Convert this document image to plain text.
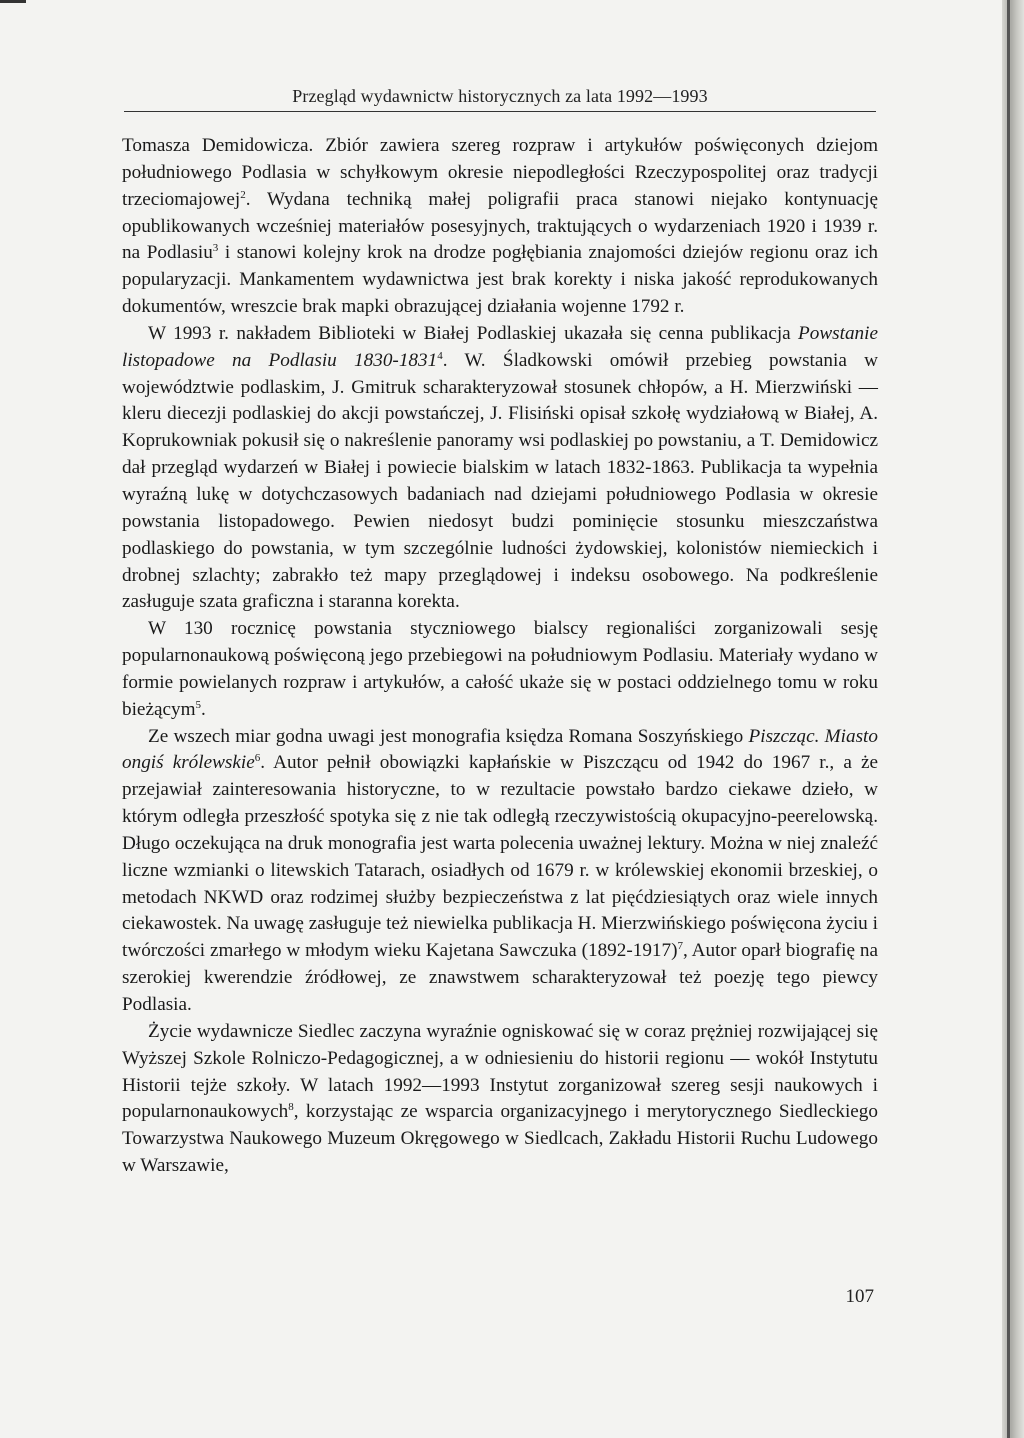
Przegląd wydawnictw historycznych za lata 1992—1993

Tomasza Demidowicza. Zbiór zawiera szereg rozpraw i artykułów poświęconych dziejom południowego Podlasia w schyłkowym okresie niepodległości Rzeczypospolitej oraz tradycji trzeciomajowej$^2$. Wydana techniką małej poligrafii praca stanowi niejako kontynuację opublikowanych wcześniej materiałów posesyjnych, traktujących o wydarzeniach 1920 i 1939 r. na Podlasiu$^3$ i stanowi kolejny krok na drodze pogłębiania znajomości dziejów regionu oraz ich popularyzacji. Mankamentem wydawnictwa jest brak korekty i niska jakość reprodukowanych dokumentów, wreszcie brak mapki obrazującej działania wojenne 1792 r.

W 1993 r. nakładem Biblioteki w Białej Podlaskiej ukazała się cenna publikacja Powstanie listopadowe na Podlasiu 1830-1831$^4$. W. Śladkowski omówił przebieg powstania w województwie podlaskim, J. Gmitruk scharakteryzował stosunek chłopów, a H. Mierzwiński — kleru diecezji podlaskiej do akcji powstańczej, J. Flisiński opisał szkołę wydziałową w Białej, A. Koprukowniak pokusił się o nakreślenie panoramy wsi podlaskiej po powstaniu, a T. Demidowicz dał przegląd wydarzeń w Białej i powiecie bialskim w latach 1832-1863. Publikacja ta wypełnia wyraźną lukę w dotychczasowych badaniach nad dziejami południowego Podlasia w okresie powstania listopadowego. Pewien niedosyt budzi pominięcie stosunku mieszczaństwa podlaskiego do powstania, w tym szczególnie ludności żydowskiej, kolonistów niemieckich i drobnej szlachty; zabrakło też mapy przeglądowej i indeksu osobowego. Na podkreślenie zasługuje szata graficzna i staranna korekta.

W 130 rocznicę powstania styczniowego bialscy regionaliści zorganizowali sesję popularnonaukową poświęconą jego przebiegowi na południowym Podlasiu. Materiały wydano w formie powielanych rozpraw i artykułów, a całość ukaże się w postaci oddzielnego tomu w roku bieżącym$^5$.

Ze wszech miar godna uwagi jest monografia księdza Romana Soszyńskiego Piszcząc. Miasto ongiś królewskie$^6$. Autor pełnił obowiązki kapłańskie w Piszczącu od 1942 do 1967 r., a że przejawiał zainteresowania historyczne, to w rezultacie powstało bardzo ciekawe dzieło, w którym odległa przeszłość spotyka się z nie tak odległą rzeczywistością okupacyjno-peerelowską. Długo oczekująca na druk monografia jest warta polecenia uważnej lektury. Można w niej znaleźć liczne wzmianki o litewskich Tatarach, osiadłych od 1679 r. w królewskiej ekonomii brzeskiej, o metodach NKWD oraz rodzimej służby bezpieczeństwa z lat pięćdziesiątych oraz wiele innych ciekawostek. Na uwagę zasługuje też niewielka publikacja H. Mierzwińskiego poświęcona życiu i twórczości zmarłego w młodym wieku Kajetana Sawczuka (1892-1917)$^7$, Autor oparł biografię na szerokiej kwerendzie źródłowej, ze znawstwem scharakteryzował też poezję tego piewcy Podlasia.

Życie wydawnicze Siedlec zaczyna wyraźnie ogniskować się w coraz prężniej rozwijającej się Wyższej Szkole Rolniczo-Pedagogicznej, a w odniesieniu do historii regionu — wokół Instytutu Historii tejże szkoły. W latach 1992—1993 Instytut zorganizował szereg sesji naukowych i popularnonaukowych$^8$, korzystając ze wsparcia organizacyjnego i merytorycznego Siedleckiego Towarzystwa Naukowego Muzeum Okręgowego w Siedlcach, Zakładu Historii Ruchu Ludowego w Warszawie,

107
